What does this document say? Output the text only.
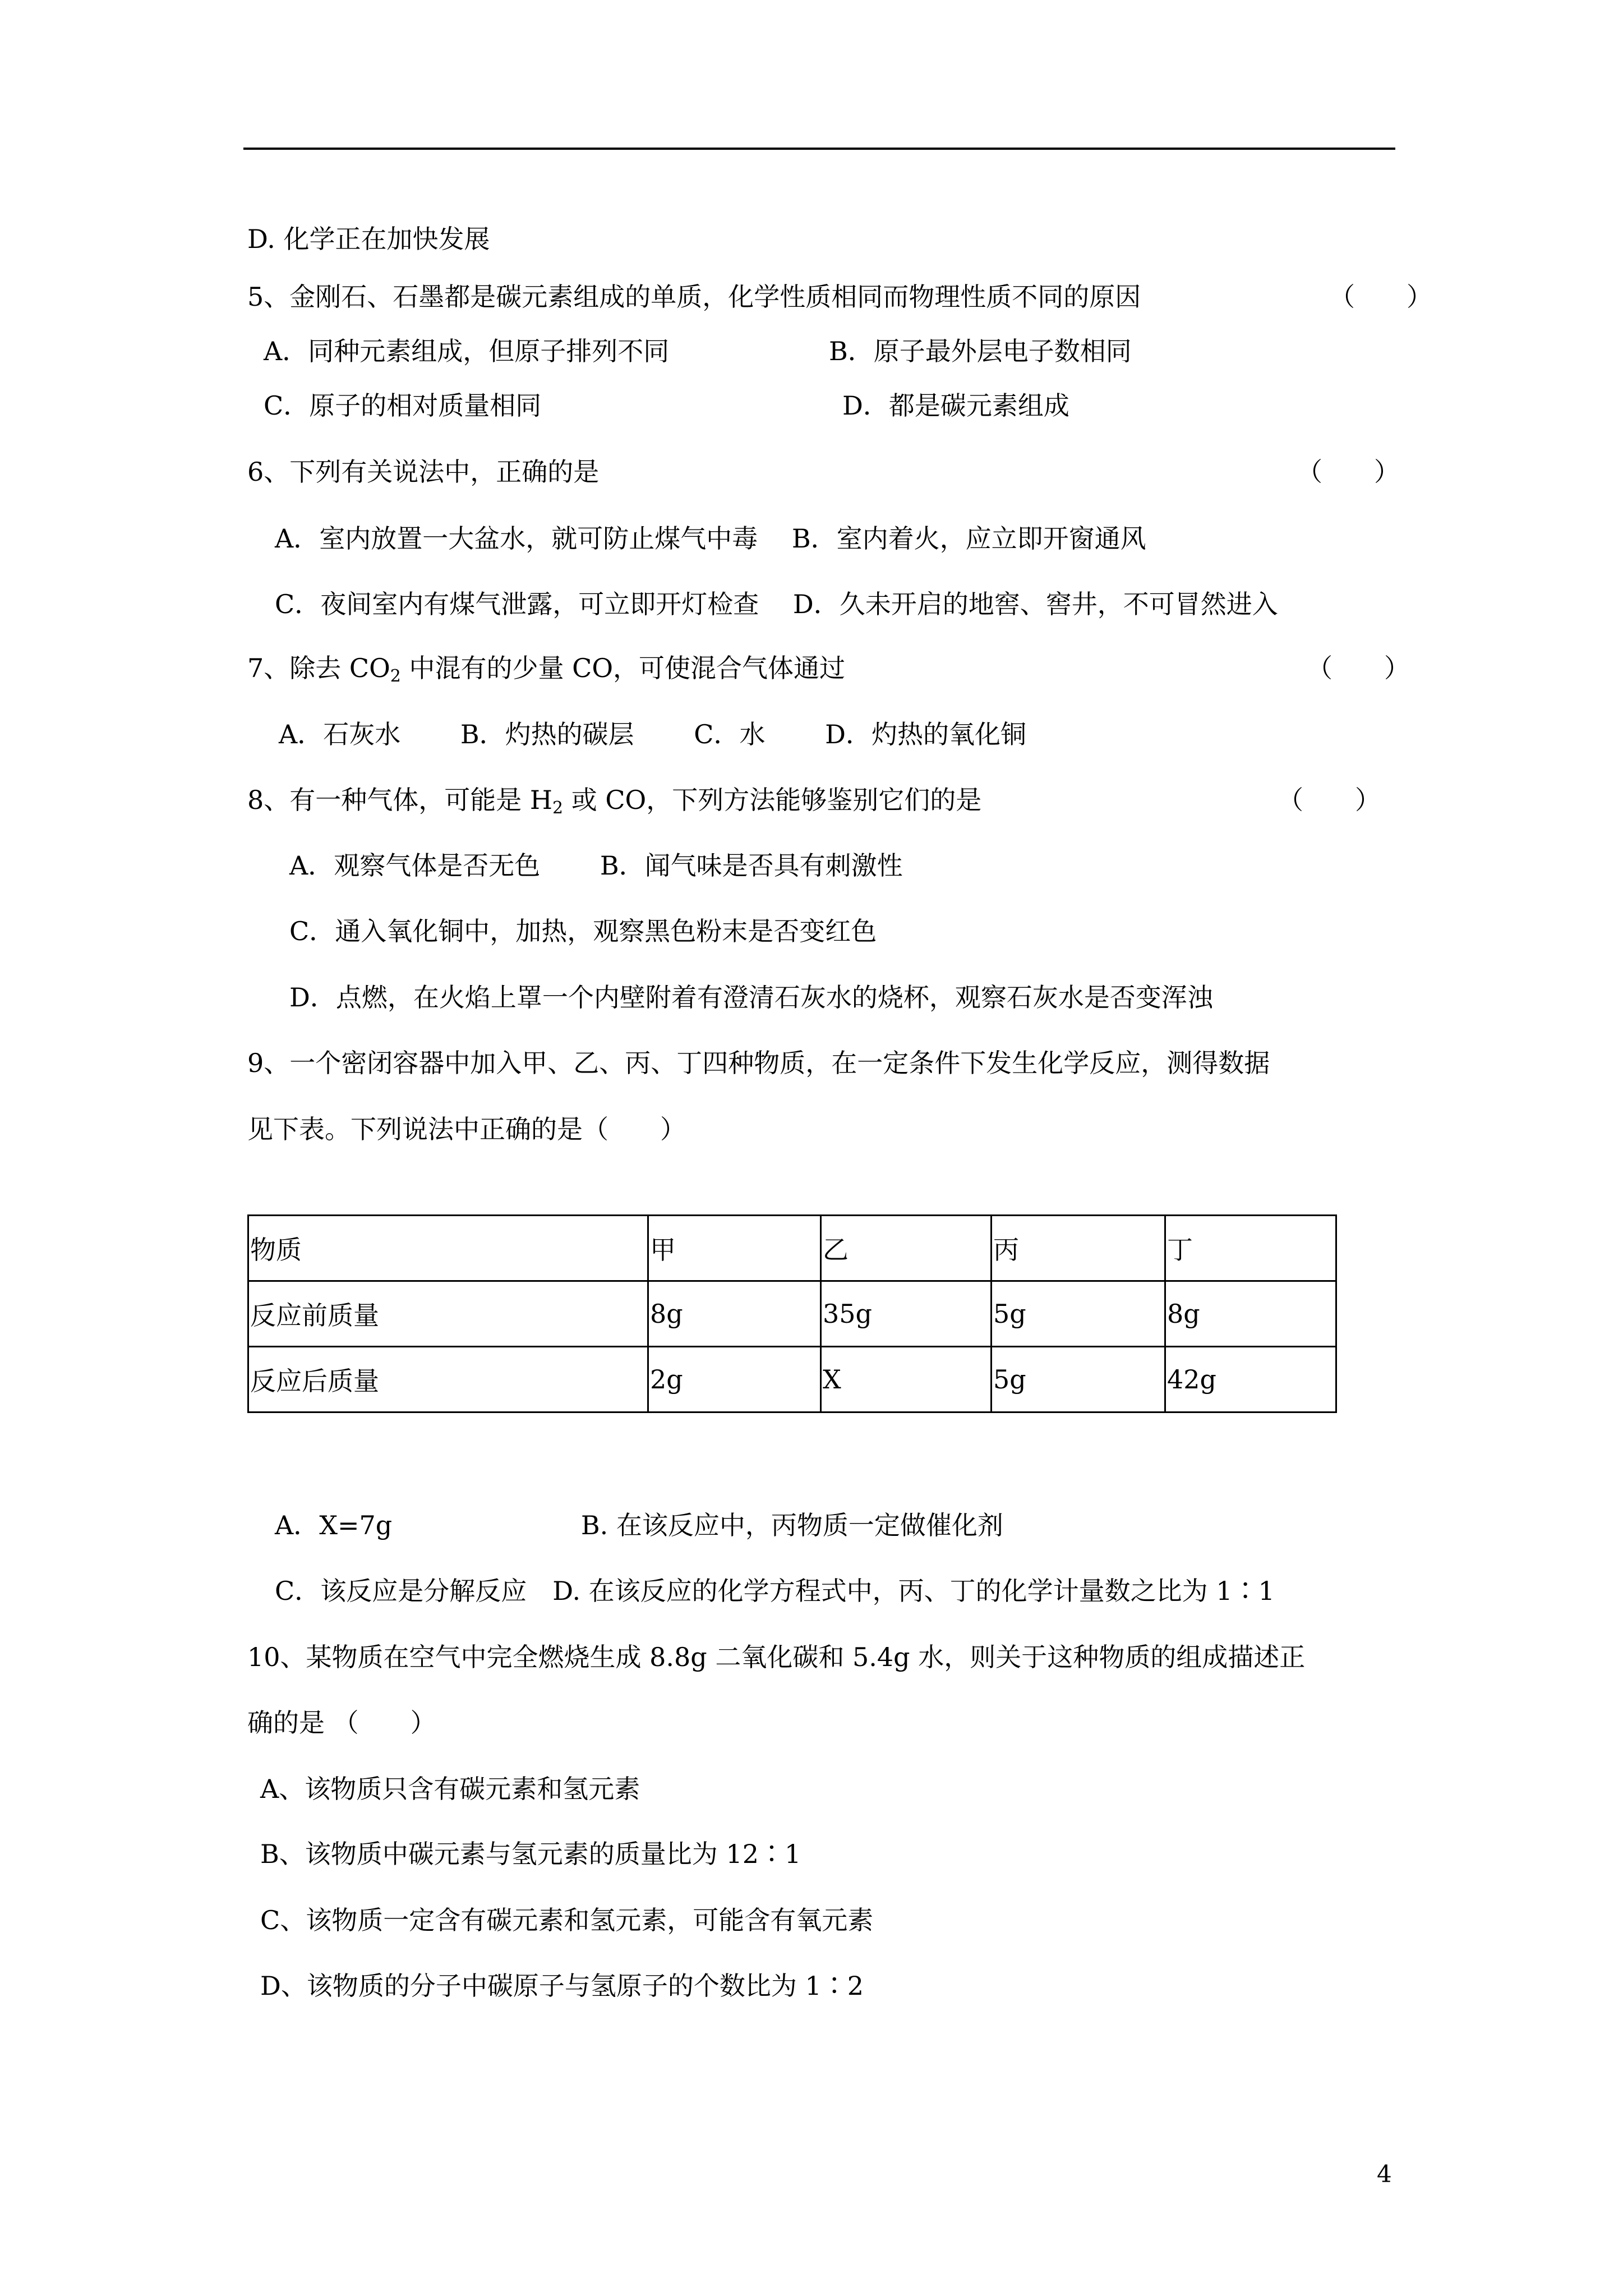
D. 化学正在加快发展
5、金刚石、石墨都是碳元素组成的单质，化学性质相同而物理性质不同的原因	（　　）
A．同种元素组成，但原子排列不同	B．原子最外层电子数相同
C．原子的相对质量相同	D．都是碳元素组成
6、下列有关说法中，正确的是	（　　）
A．室内放置一大盆水，就可防止煤气中毒　 B．室内着火，应立即开窗通风
C．夜间室内有煤气泄露，可立即开灯检查　 D．久未开启的地窖、窖井，不可冒然进入
7、除去 $CO_2$ 中混有的少量 CO，可使混合气体通过	（　　）
A．石灰水　　 B．灼热的碳层　　 C．水　　 D．灼热的氧化铜
8、有一种气体，可能是 $H_2$ 或 CO，下列方法能够鉴别它们的是	（　　）
A．观察气体是否无色　　 B．闻气味是否具有刺激性
C．通入氧化铜中，加热，观察黑色粉末是否变红色
D．点燃，在火焰上罩一个内壁附着有澄清石灰水的烧杯，观察石灰水是否变浑浊
9、一个密闭容器中加入甲、乙、丙、丁四种物质，在一定条件下发生化学反应，测得数据
见下表。下列说法中正确的是（　　）
物质	甲	乙	丙	丁
反应前质量	8g	35g	5g	8g
反应后质量	2g	X	5g	42g
A．X=7g　　　　　　　 B. 在该反应中，丙物质一定做催化剂
C．该反应是分解反应　D. 在该反应的化学方程式中，丙、丁的化学计量数之比为 1∶1
10、某物质在空气中完全燃烧生成 8.8g 二氧化碳和 5.4g 水，则关于这种物质的组成描述正
确的是 （　　）
A、该物质只含有碳元素和氢元素
B、该物质中碳元素与氢元素的质量比为 12∶1
C、该物质一定含有碳元素和氢元素，可能含有氧元素
D、该物质的分子中碳原子与氢原子的个数比为 1∶2
4
